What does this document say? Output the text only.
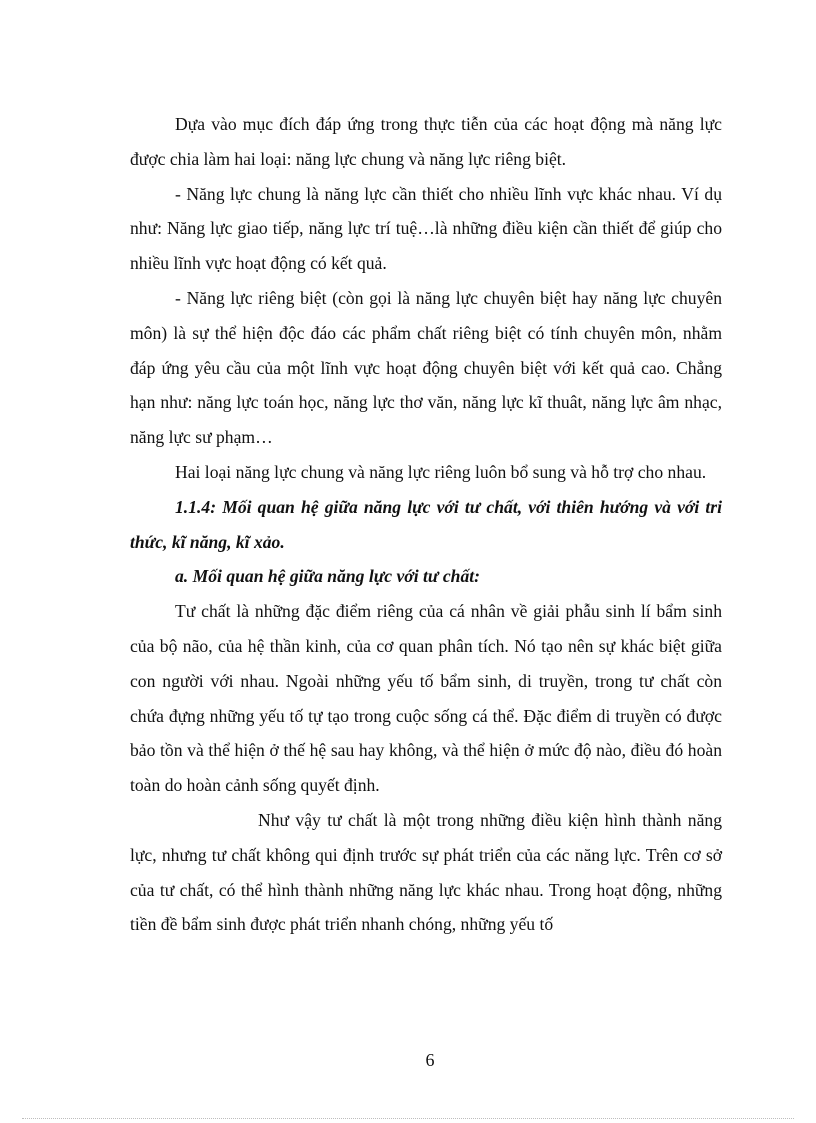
Dựa vào mục đích đáp ứng trong thực tiễn của các hoạt động mà năng lực được chia làm hai loại: năng lực chung và năng lực riêng biệt.

- Năng lực chung là năng lực cần thiết cho nhiều lĩnh vực khác nhau. Ví dụ như: Năng lực giao tiếp, năng lực trí tuệ…là những điều kiện cần thiết để giúp cho nhiều lĩnh vực hoạt động có kết quả.

- Năng lực riêng biệt (còn gọi là năng lực chuyên biệt hay năng lực chuyên môn) là sự thể hiện độc đáo các phẩm chất riêng biệt có tính chuyên môn, nhằm đáp ứng yêu cầu của một lĩnh vực hoạt động chuyên biệt với kết quả cao. Chẳng hạn như: năng lực toán học, năng lực thơ văn, năng lực kĩ thuât, năng lực âm nhạc, năng lực sư phạm…

Hai loại năng lực chung và năng lực riêng luôn bổ sung và hỗ trợ cho nhau.

1.1.4: Mối quan hệ giữa năng lực với tư chất, với thiên hướng và với tri thức, kĩ năng, kĩ xảo.

a. Mối quan hệ giữa năng lực với tư chất:

Tư chất là những đặc điểm riêng của cá nhân về giải phẫu sinh lí bẩm sinh của bộ não, của hệ thần kinh, của cơ quan phân tích. Nó tạo nên sự khác biệt giữa con người với nhau. Ngoài những yếu tố bẩm sinh, di truyền, trong tư chất còn chứa đựng những yếu tố tự tạo trong cuộc sống cá thể. Đặc điểm di truyền có được bảo tồn và thể hiện ở thế hệ sau hay không, và thể hiện ở mức độ nào, điều đó hoàn toàn do hoàn cảnh sống quyết định.

Như vậy tư chất là một trong những điều kiện hình thành năng lực, nhưng tư chất không qui định trước sự phát triển của các năng lực. Trên cơ sở của tư chất, có thể hình thành những năng lực khác nhau. Trong hoạt động, những tiền đề bẩm sinh được phát triển nhanh chóng, những yếu tố

6
